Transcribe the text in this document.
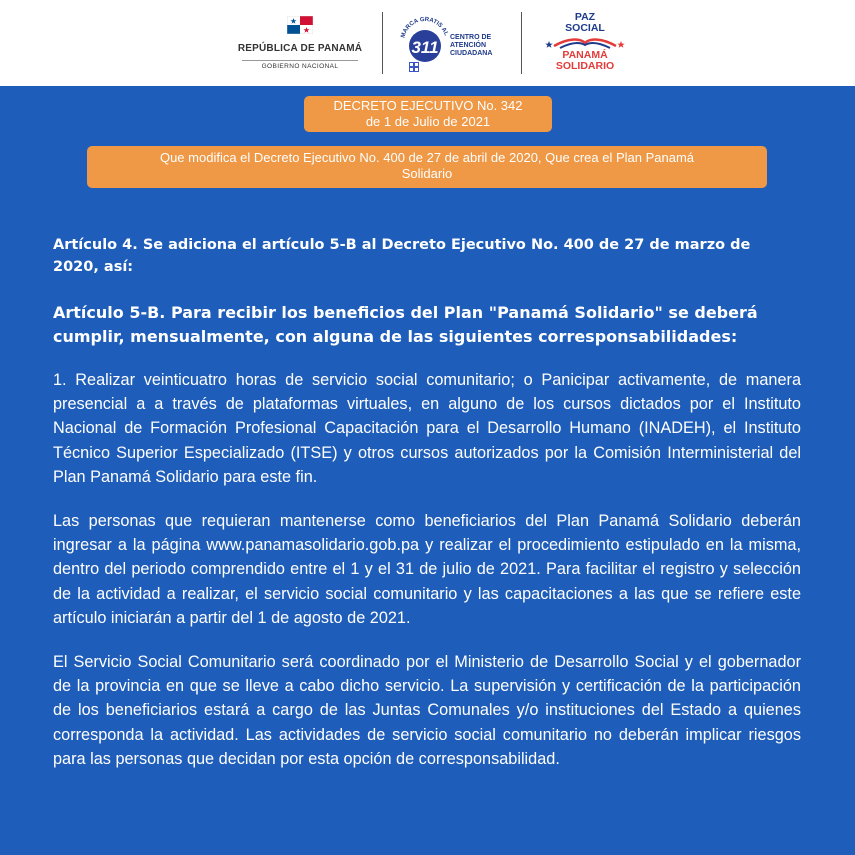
REPÚBLICA DE PANAMÁ
GOBIERNO NACIONAL
MARCA GRATIS AL
311
CENTRO DE
ATENCIÓN
CIUDADANA
PAZ
SOCIAL
PANAMÁ
SOLIDARIO
DECRETO EJECUTIVO No. 342
de 1 de Julio de 2021
Que modifica el Decreto Ejecutivo No. 400 de 27 de abril de 2020, Que crea el Plan Panamá
Solidario

Artículo 4. Se adiciona el artículo 5-B al Decreto Ejecutivo No. 400 de 27 de marzo de 2020, así:

Artículo 5-B. Para recibir los beneficios del Plan "Panamá Solidario" se deberá cumplir, mensualmente, con alguna de las siguientes corresponsabilidades:

1. Realizar veinticuatro horas de servicio social comunitario; o Panicipar activamente, de manera presencial a a través de plataformas virtuales, en alguno de los cursos dictados por el Instituto Nacional de Formación Profesional Capacitación para el Desarrollo Humano (INADEH), el Instituto Técnico Superior Especializado (ITSE) y otros cursos autorizados por la Comisión Interministerial del Plan Panamá Solidario para este fin.

Las personas que requieran mantenerse como beneficiarios del Plan Panamá Solidario deberán ingresar a la página www.panamasolidario.gob.pa y realizar el procedimiento estipulado en la misma, dentro del periodo comprendido entre el 1 y el 31 de julio de 2021. Para facilitar el registro y selección de la actividad a realizar, el servicio social comunitario y las capacitaciones a las que se refiere este artículo iniciarán a partir del 1 de agosto de 2021.

El Servicio Social Comunitario será coordinado por el Ministerio de Desarrollo Social y el gobernador de la provincia en que se lleve a cabo dicho servicio. La supervisión y certificación de la participación de los beneficiarios estará a cargo de las Juntas Comunales y/o instituciones del Estado a quienes corresponda la actividad. Las actividades de servicio social comunitario no deberán implicar riesgos para las personas que decidan por esta opción de corresponsabilidad.
